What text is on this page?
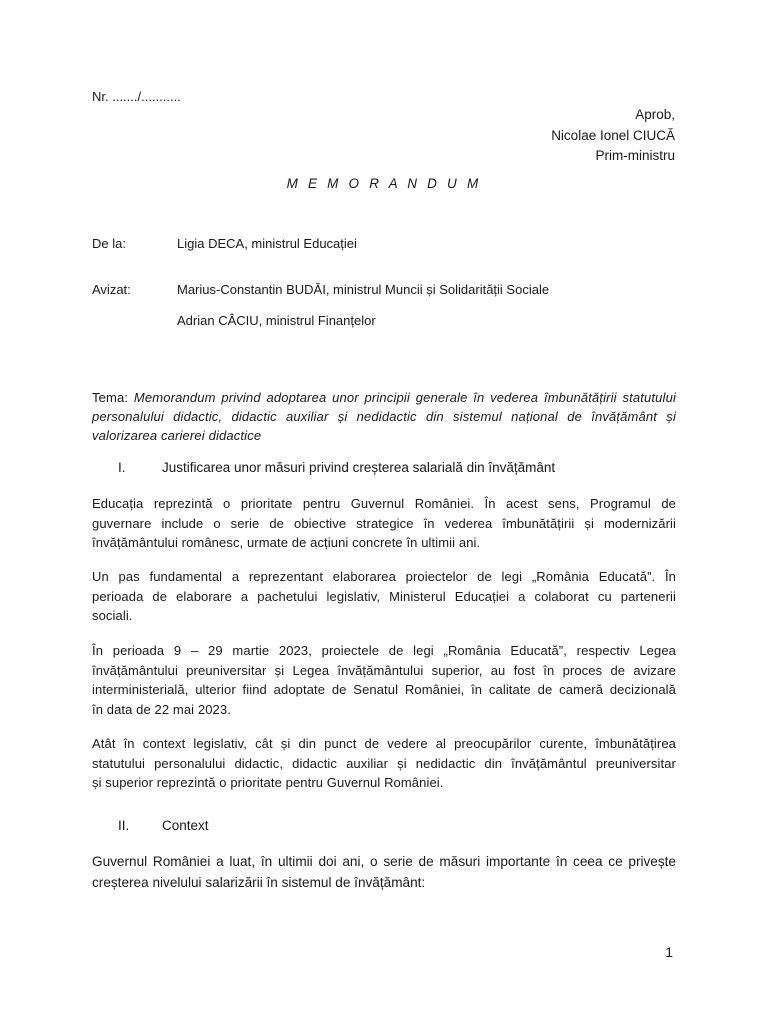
Nr. ......./...........
Aprob,
Nicolae Ionel CIUCĂ
Prim-ministru
M E M O R A N D U M
De la:	Ligia DECA, ministrul Educației
Avizat:	Marius-Constantin BUDĂI, ministrul Muncii și Solidarității Sociale
Adrian CÂCIU, ministrul Finanțelor
Tema: Memorandum privind adoptarea unor principii generale în vederea îmbunătățirii statutului personalului didactic, didactic auxiliar și nedidactic din sistemul național de învățământ și valorizarea carierei didactice
I.	Justificarea unor măsuri privind creșterea salarială din învățământ
Educația reprezintă o prioritate pentru Guvernul României. În acest sens, Programul de
guvernare include o serie de obiective strategice în vederea îmbunătățirii și modernizării
învățământului românesc, urmate de acțiuni concrete în ultimii ani.
Un pas fundamental a reprezentant elaborarea proiectelor de legi „România Educată”. În
perioada de elaborare a pachetului legislativ, Ministerul Educației a colaborat cu partenerii
sociali.
În perioada 9 – 29 martie 2023, proiectele de legi „România Educată”, respectiv Legea
învățământului preuniversitar și Legea învățământului superior, au fost în proces de avizare
interministerială, ulterior fiind adoptate de Senatul României, în calitate de cameră decizională
în data de 22 mai 2023.
Atât în context legislativ, cât și din punct de vedere al preocupărilor curente, îmbunătățirea
statutului personalului didactic, didactic auxiliar și nedidactic din învățământul preuniversitar
și superior reprezintă o prioritate pentru Guvernul României.
II. Context
Guvernul României a luat, în ultimii doi ani, o serie de măsuri importante în ceea ce privește
creșterea nivelului salarizării în sistemul de învățământ:
1
